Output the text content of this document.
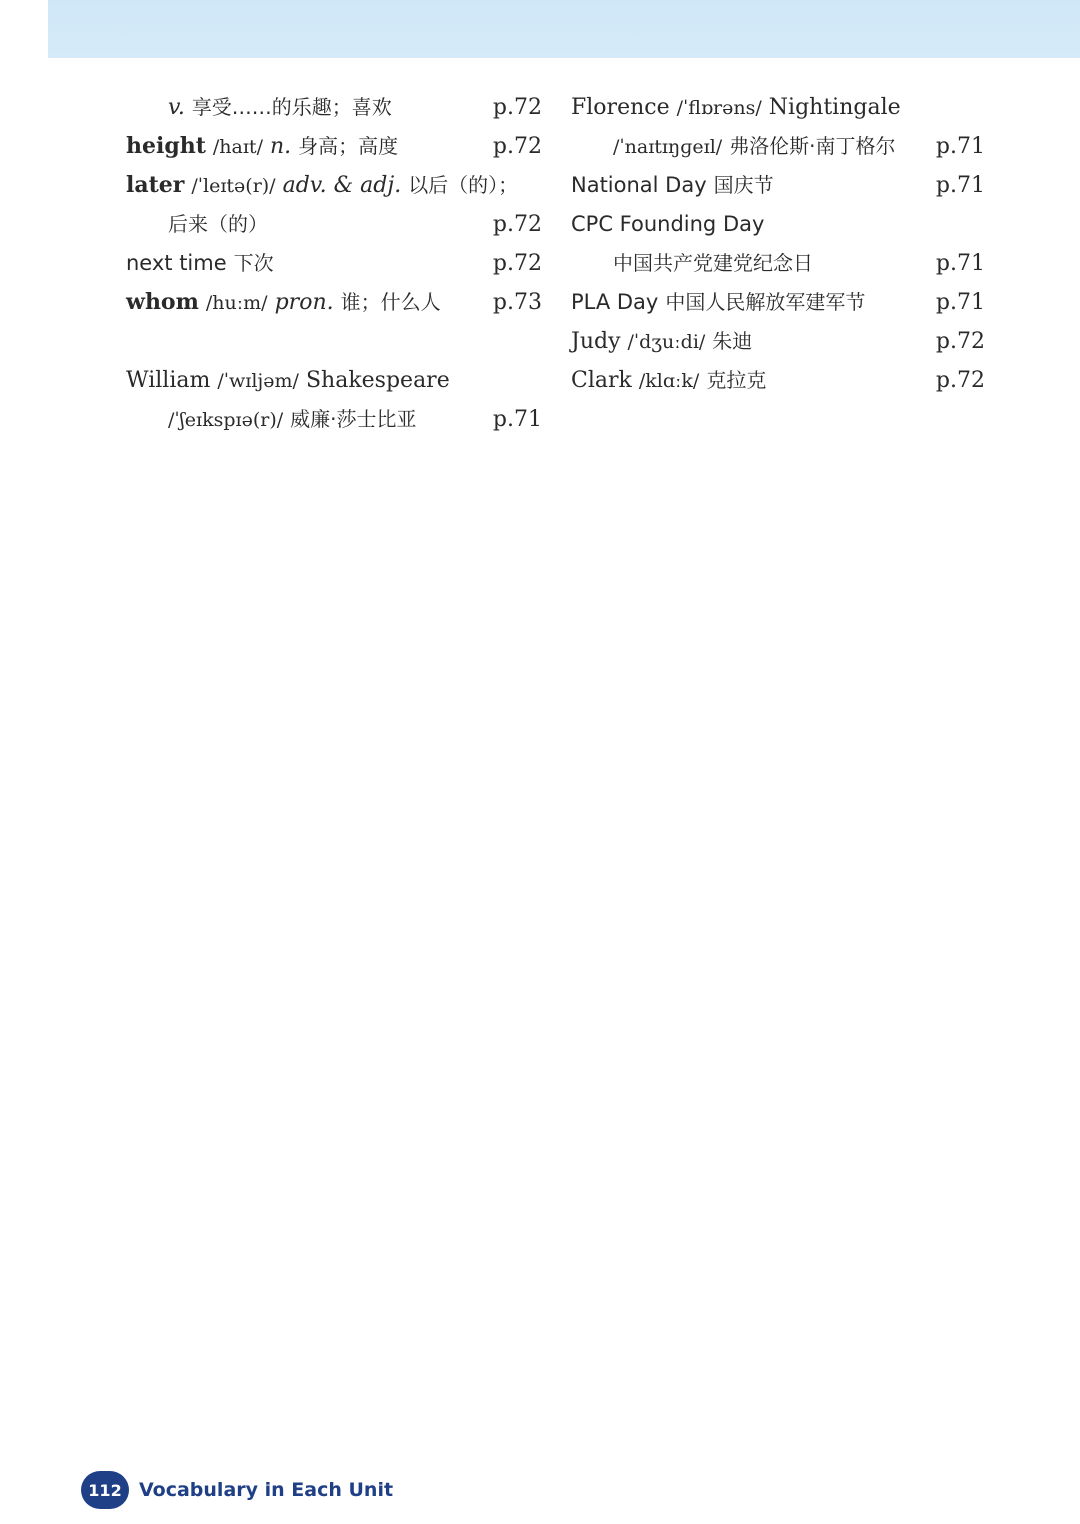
v. 享受……的乐趣；喜欢	p.72
height /haɪt/ n. 身高；高度	p.72
later /ˈleɪtə(r)/ adv. & adj. 以后（的）；
后来（的）	p.72
next time 下次	p.72
whom /huːm/ pron. 谁；什么人 p.73
William /ˈwɪljəm/ Shakespeare
/ˈʃeɪkspɪə(r)/ 威廉·莎士比亚	p.71
Florence /ˈflɒrəns/ Nightingale
/ˈnaɪtɪŋɡeɪl/ 弗洛伦斯·南丁格尔 p.71
National Day 国庆节	p.71
CPC Founding Day
中国共产党建党纪念日	p.71
PLA Day 中国人民解放军建军节	p.71
Judy /ˈdʒuːdi/ 朱迪	p.72
Clark /klɑːk/ 克拉克	p.72
112 Vocabulary in Each Unit
